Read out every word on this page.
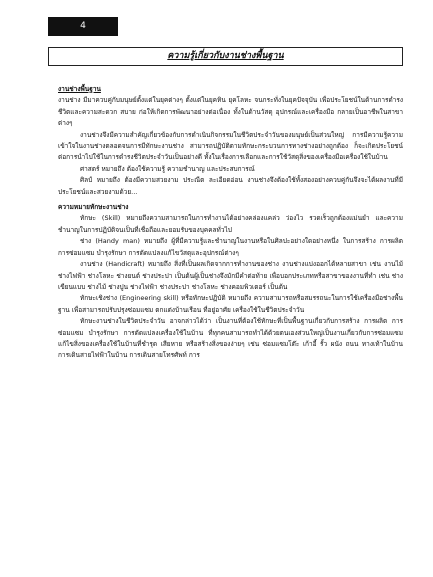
4
ความรู้เกี่ยวกับงานช่างพื้นฐาน

งานช่างพื้นฐาน

งานช่าง มีมาควบคู่กับมนุษย์ตั้งแต่ในยุคต่างๆ ตั้งแต่ในยุคหิน ยุคโลหะ จนกระทั่งในยุคปัจจุบัน เพื่อประโยชน์ในด้านการดำรงชีวิตและความสะดวก สบาย ก่อให้เกิดการพัฒนาอย่างต่อเนื่อง ทั้งในด้านวัสดุ อุปกรณ์และเครื่องมือ กลายเป็นอาชีพในสาขาต่างๆ

งานช่างจึงมีความสำคัญเกี่ยวข้องกับการดำเนินกิจกรรมในชีวิตประจำวันของมนุษย์เป็นส่วนใหญ่ การมีความรู้ความเข้าใจในงานช่างตลอดจนการมีทักษะงานช่าง สามารถปฏิบัติตามทักษะกระบวนการทางช่างอย่างถูกต้อง ก็จะเกิดประโยชน์ต่อการนำไปใช้ในการดำรงชีวิตประจำวันเป็นอย่างดี ทั้งในเรื่องการเลือกและการใช้วัสดุสิ่งของเครื่องมือเครื่องใช้ในบ้าน

ศาสตร์ หมายถึง ต้องใช้ความรู้ ความชำนาญ และประสบการณ์

ศิลป์ หมายถึง ต้องมีความสวยงาม ประณีต ละเอียดอ่อน งานช่างจึงต้องใช้ทั้งสองอย่างควบคู่กันจึงจะได้ผลงานที่มีประโยชน์และสวยงามด้วย...

ความหมายทักษะงานช่าง

ทักษะ (Skill) หมายถึงความสามารถในการทำงานได้อย่างคล่องแคล่ว ว่องไว รวดเร็วถูกต้องแม่นยำ และความชำนาญในการปฏิบัติจนเป็นที่เชื่อถือและยอมรับของบุคคลทั่วไป

ช่าง (Handy man) หมายถึง ผู้ที่มีความรู้และชำนาญในงานหรือในศิลปะอย่างใดอย่างหนึ่ง ในการสร้าง การผลิต การซ่อมแซม บำรุงรักษา การตัดแปลงแก้ไขวัสดุและอุปกรณ์ต่างๆ

งานช่าง (Handicraft) หมายถึง สิ่งที่เป็นผลเกิดจากการทำงานของช่าง งานช่างแบ่งออกได้หลายสาขา เช่น งานไม้ ช่างไฟฟ้า ช่างโลหะ ช่างยนต์ ช่างประปา เป็นต้นผู้เป็นช่างจึงมักมีคำต่อท้าย เพื่อบอกประเภทหรือสาขาของงานที่ทำ เช่น ช่างเขียนแบบ ช่างไม้ ช่างปูน ช่างไฟฟ้า ช่างประปา ช่างโลหะ ช่างคอมพิวเตอร์ เป็นต้น

ทักษะเชิงช่าง (Engineering skill) หรือทักษะปฏิบัติ หมายถึง ความสามารถหรือสมรรถนะในการใช้เครื่องมือช่างพื้นฐาน เพื่อสามารถปรับปรุงซ่อมแซม ตกแต่งบ้านเรือน ที่อยู่อาศัย เครื่องใช้ในชีวิตประจำวัน

ทักษะงานช่างในชีวิตประจำวัน อาจกล่าวได้ว่า เป็นงานที่ต้องใช้ทักษะที่เป็นพื้นฐานเกี่ยวกับการสร้าง การผลิต การซ่อมแซม บำรุงรักษา การตัดแปลงเครื่องใช้ในบ้าน ที่ทุกคนสามารถทำได้ด้วยตนเองส่วนใหญ่เป็นงานเกี่ยวกับการซ่อมแซมแก้ไขสิ่งของเครื่องใช้ในบ้านที่ชำรุด เสียหาย หรือสร้างสิ่งของง่ายๆ เช่น ซ่อมแซมโต๊ะ เก้าอี้ รั้ว ผนัง ถนน ทางเท้าในบ้าน การเดินสายไฟฟ้าในบ้าน การเดินสายโทรศัพท์ การ
